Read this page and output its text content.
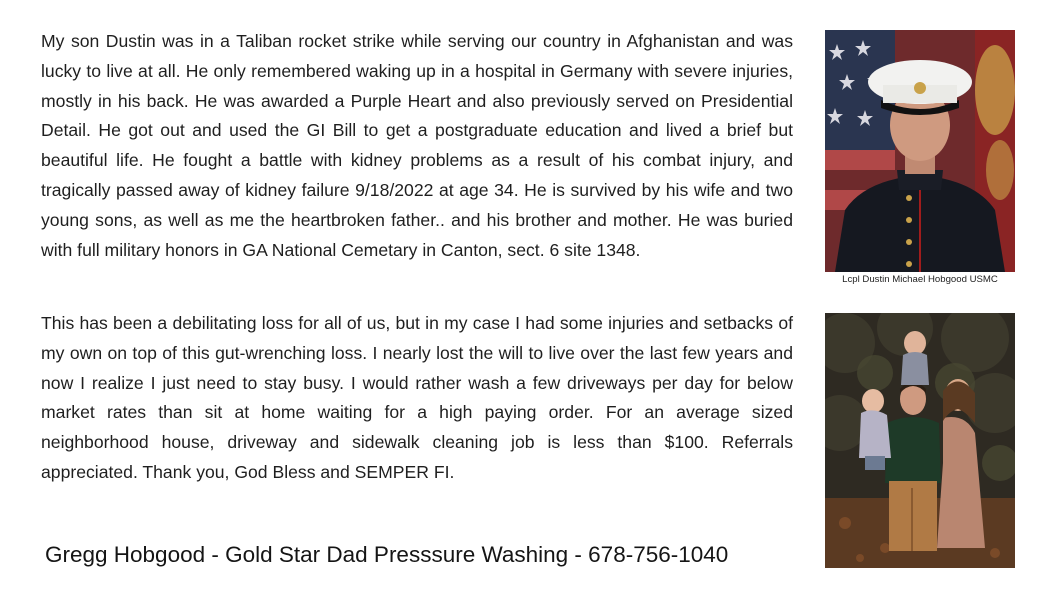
My son Dustin was in a Taliban rocket strike while serving our country in Afghanistan and was lucky to live at all. He only remembered waking up in a hospital in Germany with severe injuries, mostly in his back. He was awarded a Purple Heart and also previously served on Presidential Detail. He got out and used the GI Bill to get a postgraduate education and lived a brief but beautiful life. He fought a battle with kidney problems as a result of his combat injury, and tragically passed away of kidney failure 9/18/2022 at age 34. He is survived by his wife and two young sons, as well as me the heartbroken father.. and his brother and mother. He was buried with full military honors in GA National Cemetary in Canton, sect. 6 site 1348.

This has been a debilitating loss for all of us, but in my case I had some injuries and setbacks of my own on top of this gut-wrenching loss. I nearly lost the will to live over the last few years and now I realize I just need to stay busy. I would rather wash a few driveways per day for below market rates than sit at home waiting for a high paying order. For an average sized neighborhood house, driveway and sidewalk cleaning job is less than $100. Referrals appreciated. Thank you, God Bless and SEMPER FI.

Gregg Hobgood - Gold Star Dad Presssure Washing - 678-756-1040
Lcpl Dustin Michael Hobgood USMC
